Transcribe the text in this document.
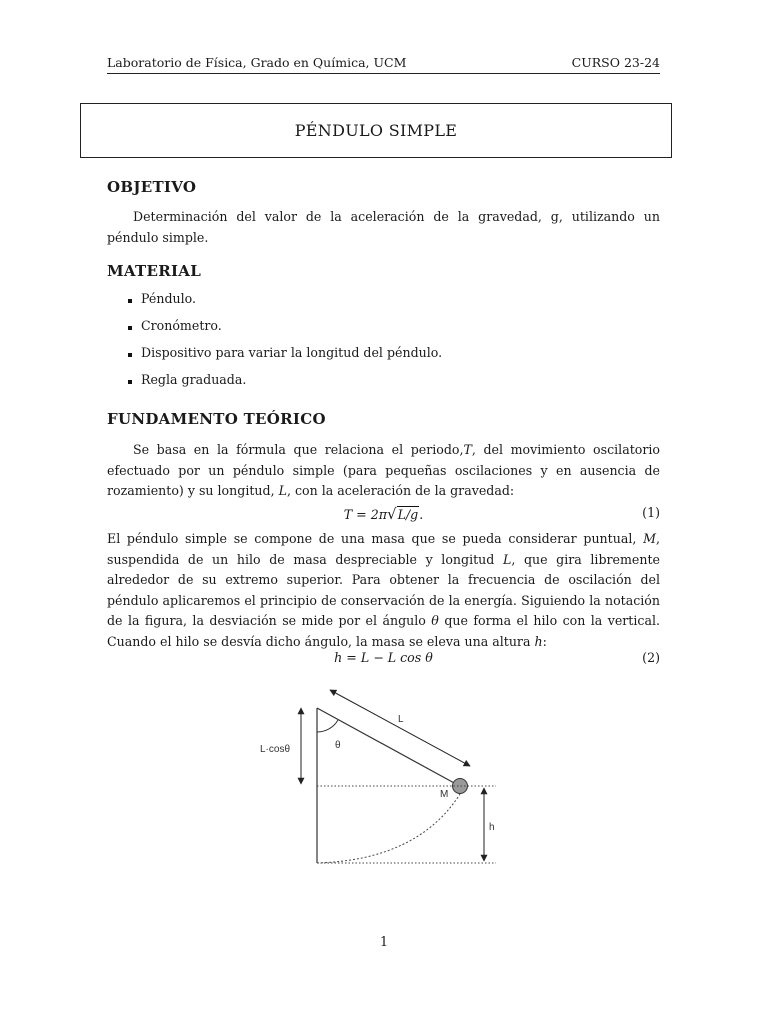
Laboratorio de Física, Grado en Química, UCM	CURSO 23-24
PÉNDULO SIMPLE
OBJETIVO
Determinación del valor de la aceleración de la gravedad, g, utilizando un péndulo simple.
MATERIAL
Péndulo.
Cronómetro.
Dispositivo para variar la longitud del péndulo.
Regla graduada.
FUNDAMENTO TEÓRICO
Se basa en la fórmula que relaciona el periodo,T, del movimiento oscilatorio efectuado por un péndulo simple (para pequeñas oscilaciones y en ausencia de rozamiento) y su longitud, L, con la aceleración de la gravedad:
T = 2π√L/g.	(1)
El péndulo simple se compone de una masa que se pueda considerar puntual, M, suspendida de un hilo de masa despreciable y longitud L, que gira libremente alrededor de su extremo superior. Para obtener la frecuencia de oscilación del péndulo aplicaremos el principio de conservación de la energía. Siguiendo la notación de la figura, la desviación se mide por el ángulo θ que forma el hilo con la vertical. Cuando el hilo se desvía dicho ángulo, la masa se eleva una altura h:
h = L − L cos θ	(2)
L
θ
L·cosθ
M
h
1
